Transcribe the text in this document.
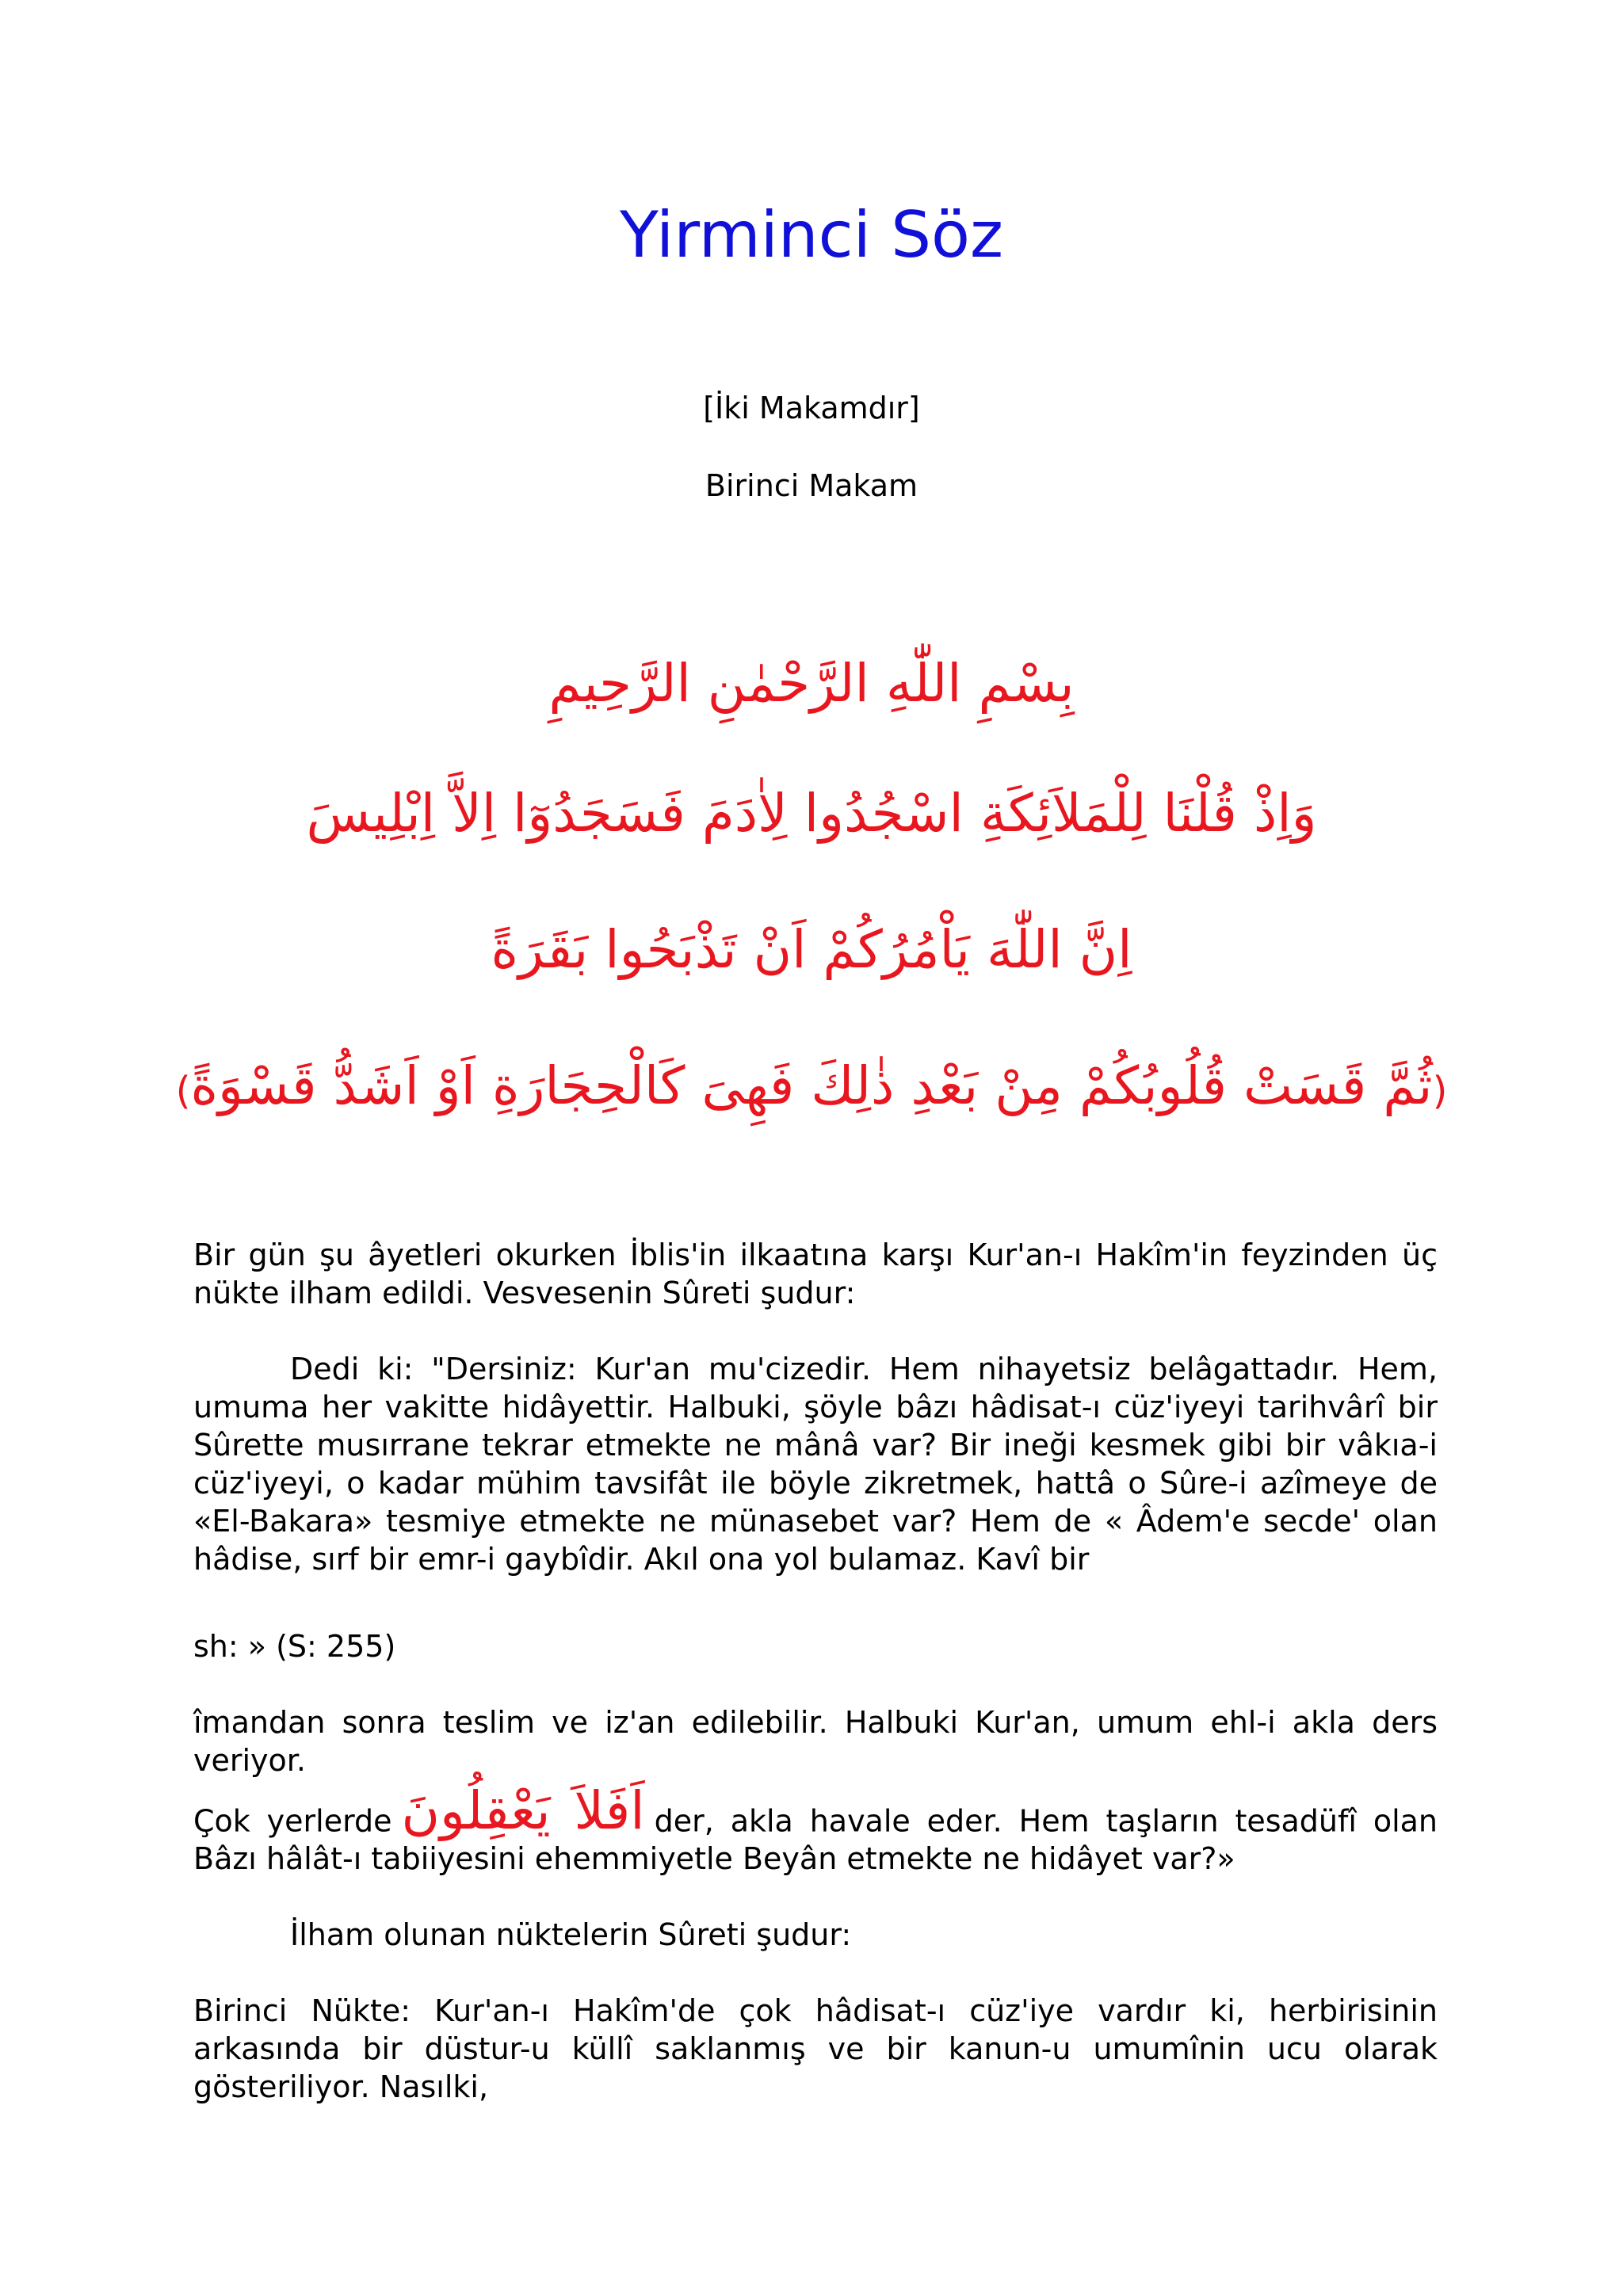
Yirminci Söz
[İki Makamdır]
Birinci Makam
بِسْمِ اللّٰهِ الرَّحْمٰنِ الرَّحِيمِ
وَاِذْ قُلْنَا لِلْمَلاَئِكَةِ اسْجُدُوا لِاٰدَمَ فَسَجَدُوٓا اِلاَّ اِبْلِيسَ
اِنَّ اللّٰهَ يَاْمُرُكُمْ اَنْ تَذْبَحُوا بَقَرَةً
(ثُمَّ قَسَتْ قُلُوبُكُمْ مِنْ بَعْدِ ذٰلِكَ فَهِىَ كَالْحِجَارَةِ اَوْ اَشَدُّ قَسْوَةً)
Bir gün şu âyetleri okurken İblis'in ilkaatına karşı Kur'an-ı Hakîm'in feyzinden üç nükte ilham edildi. Vesvesenin Sûreti şudur:
Dedi ki: "Dersiniz: Kur'an mu'cizedir. Hem nihayetsiz belâgattadır. Hem, umuma her vakitte hidâyettir. Halbuki, şöyle bâzı hâdisat-ı cüz'iyeyi tarihvârî bir Sûrette musırrane tekrar etmekte ne mânâ var? Bir ineği kesmek gibi bir vâkıa-i cüz'iyeyi, o kadar mühim tavsifât ile böyle zikretmek, hattâ o Sûre-i azîmeye de «El-Bakara» tesmiye etmekte ne münasebet var? Hem de « Âdem'e secde' olan hâdise, sırf bir emr-i gaybîdir. Akıl ona yol bulamaz. Kavî bir
sh: » (S: 255)
îmandan sonra teslim ve iz'an edilebilir. Halbuki Kur'an, umum ehl-i akla ders veriyor.
Çok yerlerde اَفَلاَ يَعْقِلُونَ der, akla havale eder. Hem taşların tesadüfî olan Bâzı hâlât-ı tabiiyesini ehemmiyetle Beyân etmekte ne hidâyet var?»
İlham olunan nüktelerin Sûreti şudur:
Birinci Nükte: Kur'an-ı Hakîm'de çok hâdisat-ı cüz'iye vardır ki, herbirisinin arkasında bir düstur-u küllî saklanmış ve bir kanun-u umumînin ucu olarak gösteriliyor. Nasılki,
